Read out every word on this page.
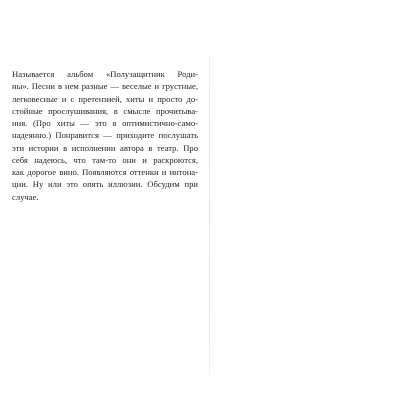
Называется альбом «Полузащитник Роди-
ны». Песни в нем разные — веселые и грустные,
легковесные и с претензией, хиты и просто до-
стойные прослушивания, в смысле прочитыва-
ния. (Про хиты — это я оптимистично-само-
надеянно.) Понравится — приходите послушать
эти истории в исполнении автора в театр. Про
себя надеюсь, что там-то они и раскроются,
как дорогое вино. Появляются оттенки и интона-
ции. Ну или это опять иллюзии. Обсудим при
случае.
